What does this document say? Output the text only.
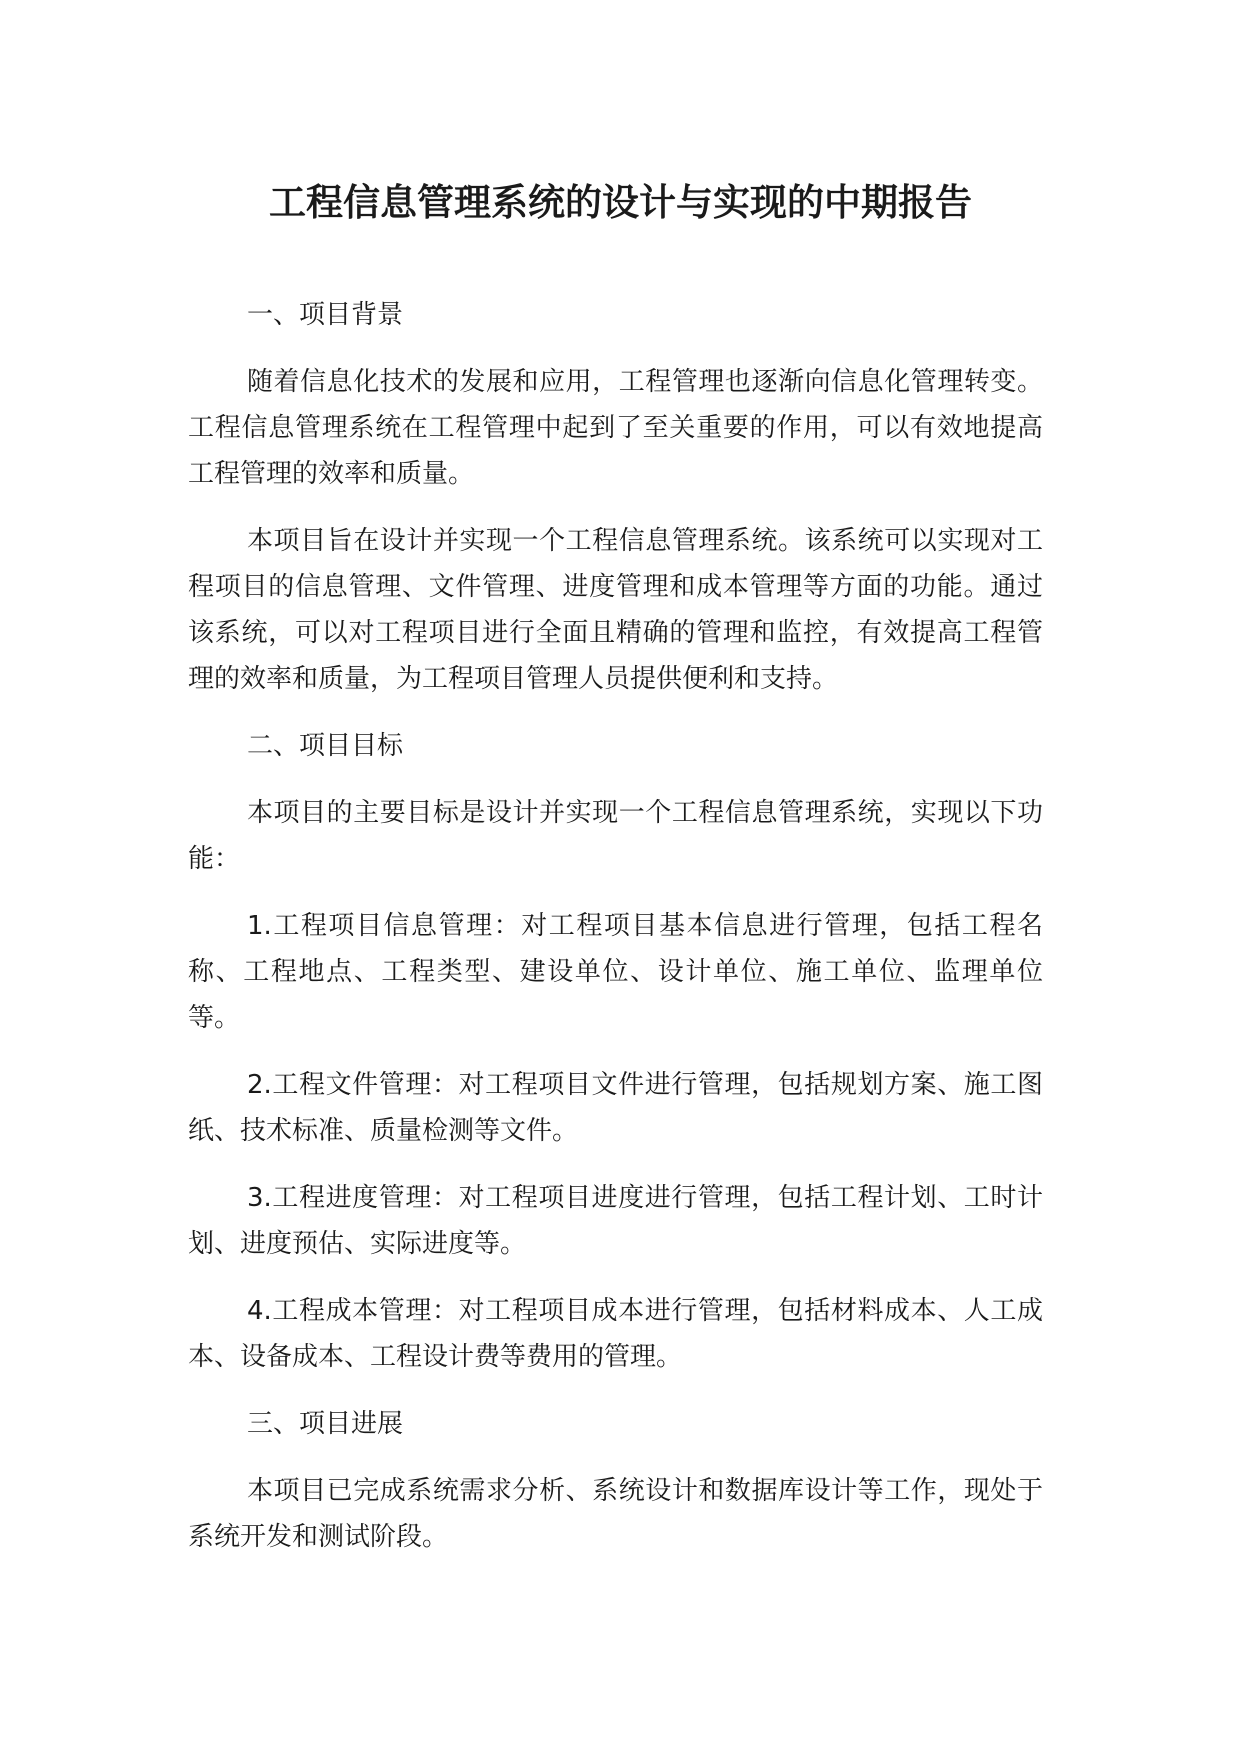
工程信息管理系统的设计与实现的中期报告
一、项目背景
随着信息化技术的发展和应用，工程管理也逐渐向信息化管理转变。工程信息管理系统在工程管理中起到了至关重要的作用，可以有效地提高工程管理的效率和质量。
本项目旨在设计并实现一个工程信息管理系统。该系统可以实现对工程项目的信息管理、文件管理、进度管理和成本管理等方面的功能。通过该系统，可以对工程项目进行全面且精确的管理和监控，有效提高工程管理的效率和质量，为工程项目管理人员提供便利和支持。
二、项目目标
本项目的主要目标是设计并实现一个工程信息管理系统，实现以下功能：
1.工程项目信息管理：对工程项目基本信息进行管理，包括工程名称、工程地点、工程类型、建设单位、设计单位、施工单位、监理单位等。
2.工程文件管理：对工程项目文件进行管理，包括规划方案、施工图纸、技术标准、质量检测等文件。
3.工程进度管理：对工程项目进度进行管理，包括工程计划、工时计划、进度预估、实际进度等。
4.工程成本管理：对工程项目成本进行管理，包括材料成本、人工成本、设备成本、工程设计费等费用的管理。
三、项目进展
本项目已完成系统需求分析、系统设计和数据库设计等工作，现处于系统开发和测试阶段。
